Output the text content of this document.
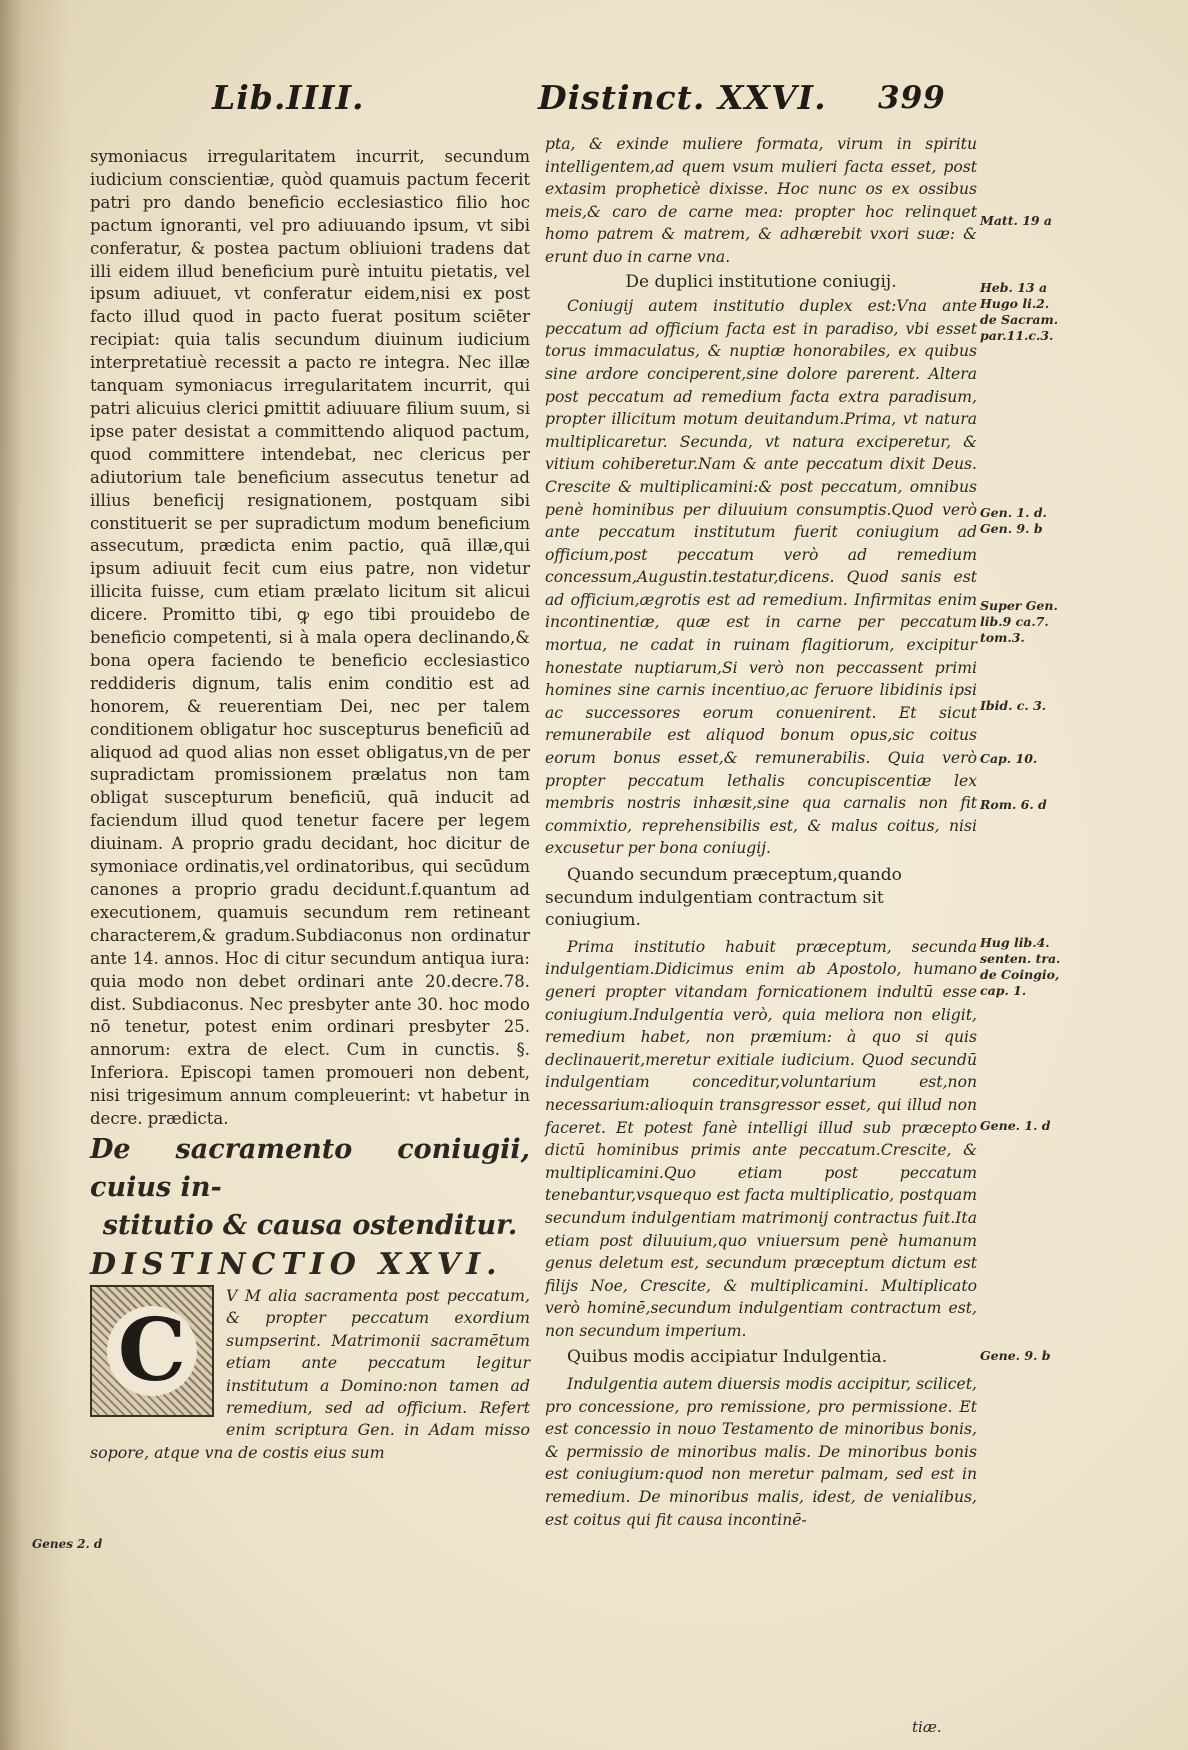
Lib.IIII.	Distinct. XXVI. 399

symoniacus irregularitatem incurrit, secundum iudicium conscientiæ, quòd quamuis pactum fecerit patri pro dando beneficio ecclesiastico filio hoc pactum ignoranti, vel pro adiuuando ipsum, vt sibi conferatur, & postea pactum obliuioni tradens dat illi eidem illud beneficium purè intuitu pietatis, vel ipsum adiuuet, vt conferatur eidem,nisi ex post facto illud quod in pacto fuerat positum sciēter recipiat: quia talis secundum diuinum iudicium interpretatiuè recessit a pacto re integra. Nec illæ tanquam symoniacus irregularitatem incurrit, qui patri alicuius clerici ꝑmittit adiuuare filium suum, si ipse pater desistat a committendo aliquod pactum, quod committere intendebat, nec clericus per adiutorium tale beneficium assecutus tenetur ad illius beneficij resignationem, postquam sibi constituerit se per supradictum modum beneficium assecutum, prædicta enim pactio, quā illæ,qui ipsum adiuuit fecit cum eius patre, non videtur illicita fuisse, cum etiam prælato licitum sit alicui dicere. Promitto tibi, ꝙ ego tibi prouidebo de beneficio competenti, si à mala opera declinando,& bona opera faciendo te beneficio ecclesiastico reddideris dignum, talis enim conditio est ad honorem, & reuerentiam Dei, nec per talem conditionem obligatur hoc suscepturus beneficiū ad aliquod ad quod alias non esset obligatus,vn de per supradictam promissionem prælatus non tam obligat suscepturum beneficiū, quā inducit ad faciendum illud quod tenetur facere per legem diuinam. A proprio gradu decidant, hoc dicitur de symoniace ordinatis,vel ordinatoribus, qui secūdum canones a proprio gradu decidunt.f.quantum ad executionem, quamuis secundum rem retineant characterem,& gradum.Subdiaconus non ordinatur ante 14. annos. Hoc di citur secundum antiqua iura: quia modo non debet ordinari ante 20.decre.78. dist. Subdiaconus. Nec presbyter ante 30. hoc modo nō tenetur, potest enim ordinari presbyter 25. annorum: extra de elect. Cum in cunctis. §. Inferiora. Episcopi tamen promoueri non debent, nisi trigesimum annum compleuerint: vt habetur in decre. prædicta.

De sacramento coniugii, cuius in-

stitutio & causa ostenditur.

DISTINCTIO XXVI.

C

V M alia sacramenta post peccatum, & propter peccatum exordium sumpserint. Matrimonii sacramētum etiam ante peccatum legitur institutum a Domino:non tamen ad remedium, sed ad officium. Refert enim scriptura Gen. in Adam misso sopore, atque vna de costis eius sum

pta, & exinde muliere formata, virum in spiritu intelligentem,ad quem vsum mulieri facta esset, post extasim propheticè dixisse. Hoc nunc os ex ossibus meis,& caro de carne mea: propter hoc relinquet homo patrem & matrem, & adhærebit vxori suæ: & erunt duo in carne vna.

De duplici institutione coniugij.

Coniugij autem institutio duplex est:Vna ante peccatum ad officium facta est in paradiso, vbi esset torus immaculatus, & nuptiæ honorabiles, ex quibus sine ardore conciperent,sine dolore parerent. Altera post peccatum ad remedium facta extra paradisum, propter illicitum motum deuitandum.Prima, vt natura multiplicaretur. Secunda, vt natura exciperetur, & vitium cohiberetur.Nam & ante peccatum dixit Deus. Crescite & multiplicamini:& post peccatum, omnibus penè hominibus per diluuium consumptis.Quod verò ante peccatum institutum fuerit coniugium ad officium,post peccatum verò ad remedium concessum,Augustin.testatur,dicens. Quod sanis est ad officium,ægrotis est ad remedium. Infirmitas enim incontinentiæ, quæ est in carne per peccatum mortua, ne cadat in ruinam flagitiorum, excipitur honestate nuptiarum,Si verò non peccassent primi homines sine carnis incentiuo,ac feruore libidinis ipsi ac successores eorum conuenirent. Et sicut remunerabile est aliquod bonum opus,sic coitus eorum bonus esset,& remunerabilis. Quia verò propter peccatum lethalis concupiscentiæ lex membris nostris inhæsit,sine qua carnalis non fit commixtio, reprehensibilis est, & malus coitus, nisi excusetur per bona coniugij.

Quando secundum præceptum,quando secundum indulgentiam contractum sit coniugium.

Prima institutio habuit præceptum, secunda indulgentiam.Didicimus enim ab Apostolo, humano generi propter vitandam fornicationem indultū esse coniugium.Indulgentia verò, quia meliora non eligit, remedium habet, non præmium: à quo si quis declinauerit,meretur exitiale iudicium. Quod secundū indulgentiam conceditur,voluntarium est,non necessarium:alioquin transgressor esset, qui illud non faceret. Et potest fanè intelligi illud sub præcepto dictū hominibus primis ante peccatum.Crescite, & multiplicamini.Quo etiam post peccatum tenebantur,vsquequo est facta multiplicatio, postquam secundum indulgentiam matrimonij contractus fuit.Ita etiam post diluuium,quo vniuersum penè humanum genus deletum est, secundum præceptum dictum est filijs Noe, Crescite, & multiplicamini. Multiplicato verò hominē,secundum indulgentiam contractum est, non secundum imperium.

Quibus modis accipiatur Indulgentia.

Indulgentia autem diuersis modis accipitur, scilicet, pro concessione, pro remissione, pro permissione. Et est concessio in nouo Testamento de minoribus bonis, & permissio de minoribus malis. De minoribus bonis est coniugium:quod non meretur palmam, sed est in remedium. De minoribus malis, idest, de venialibus, est coitus qui fit causa incontinē-

Matt. 19 a
Heb. 13 a
Hugo li.2.
de Sacram.
par.11.c.3.
Gen. 1. d.
Gen. 9. b
Super Gen.
lib.9 ca.7.
tom.3.
Ibid. c. 3.
Cap. 10.
Rom. 6. d
Hug lib.4.
senten. tra.
de Coingio,
cap. 1.
Gene. 1. d
Gene. 9. b
Genes 2. d
tiæ.
